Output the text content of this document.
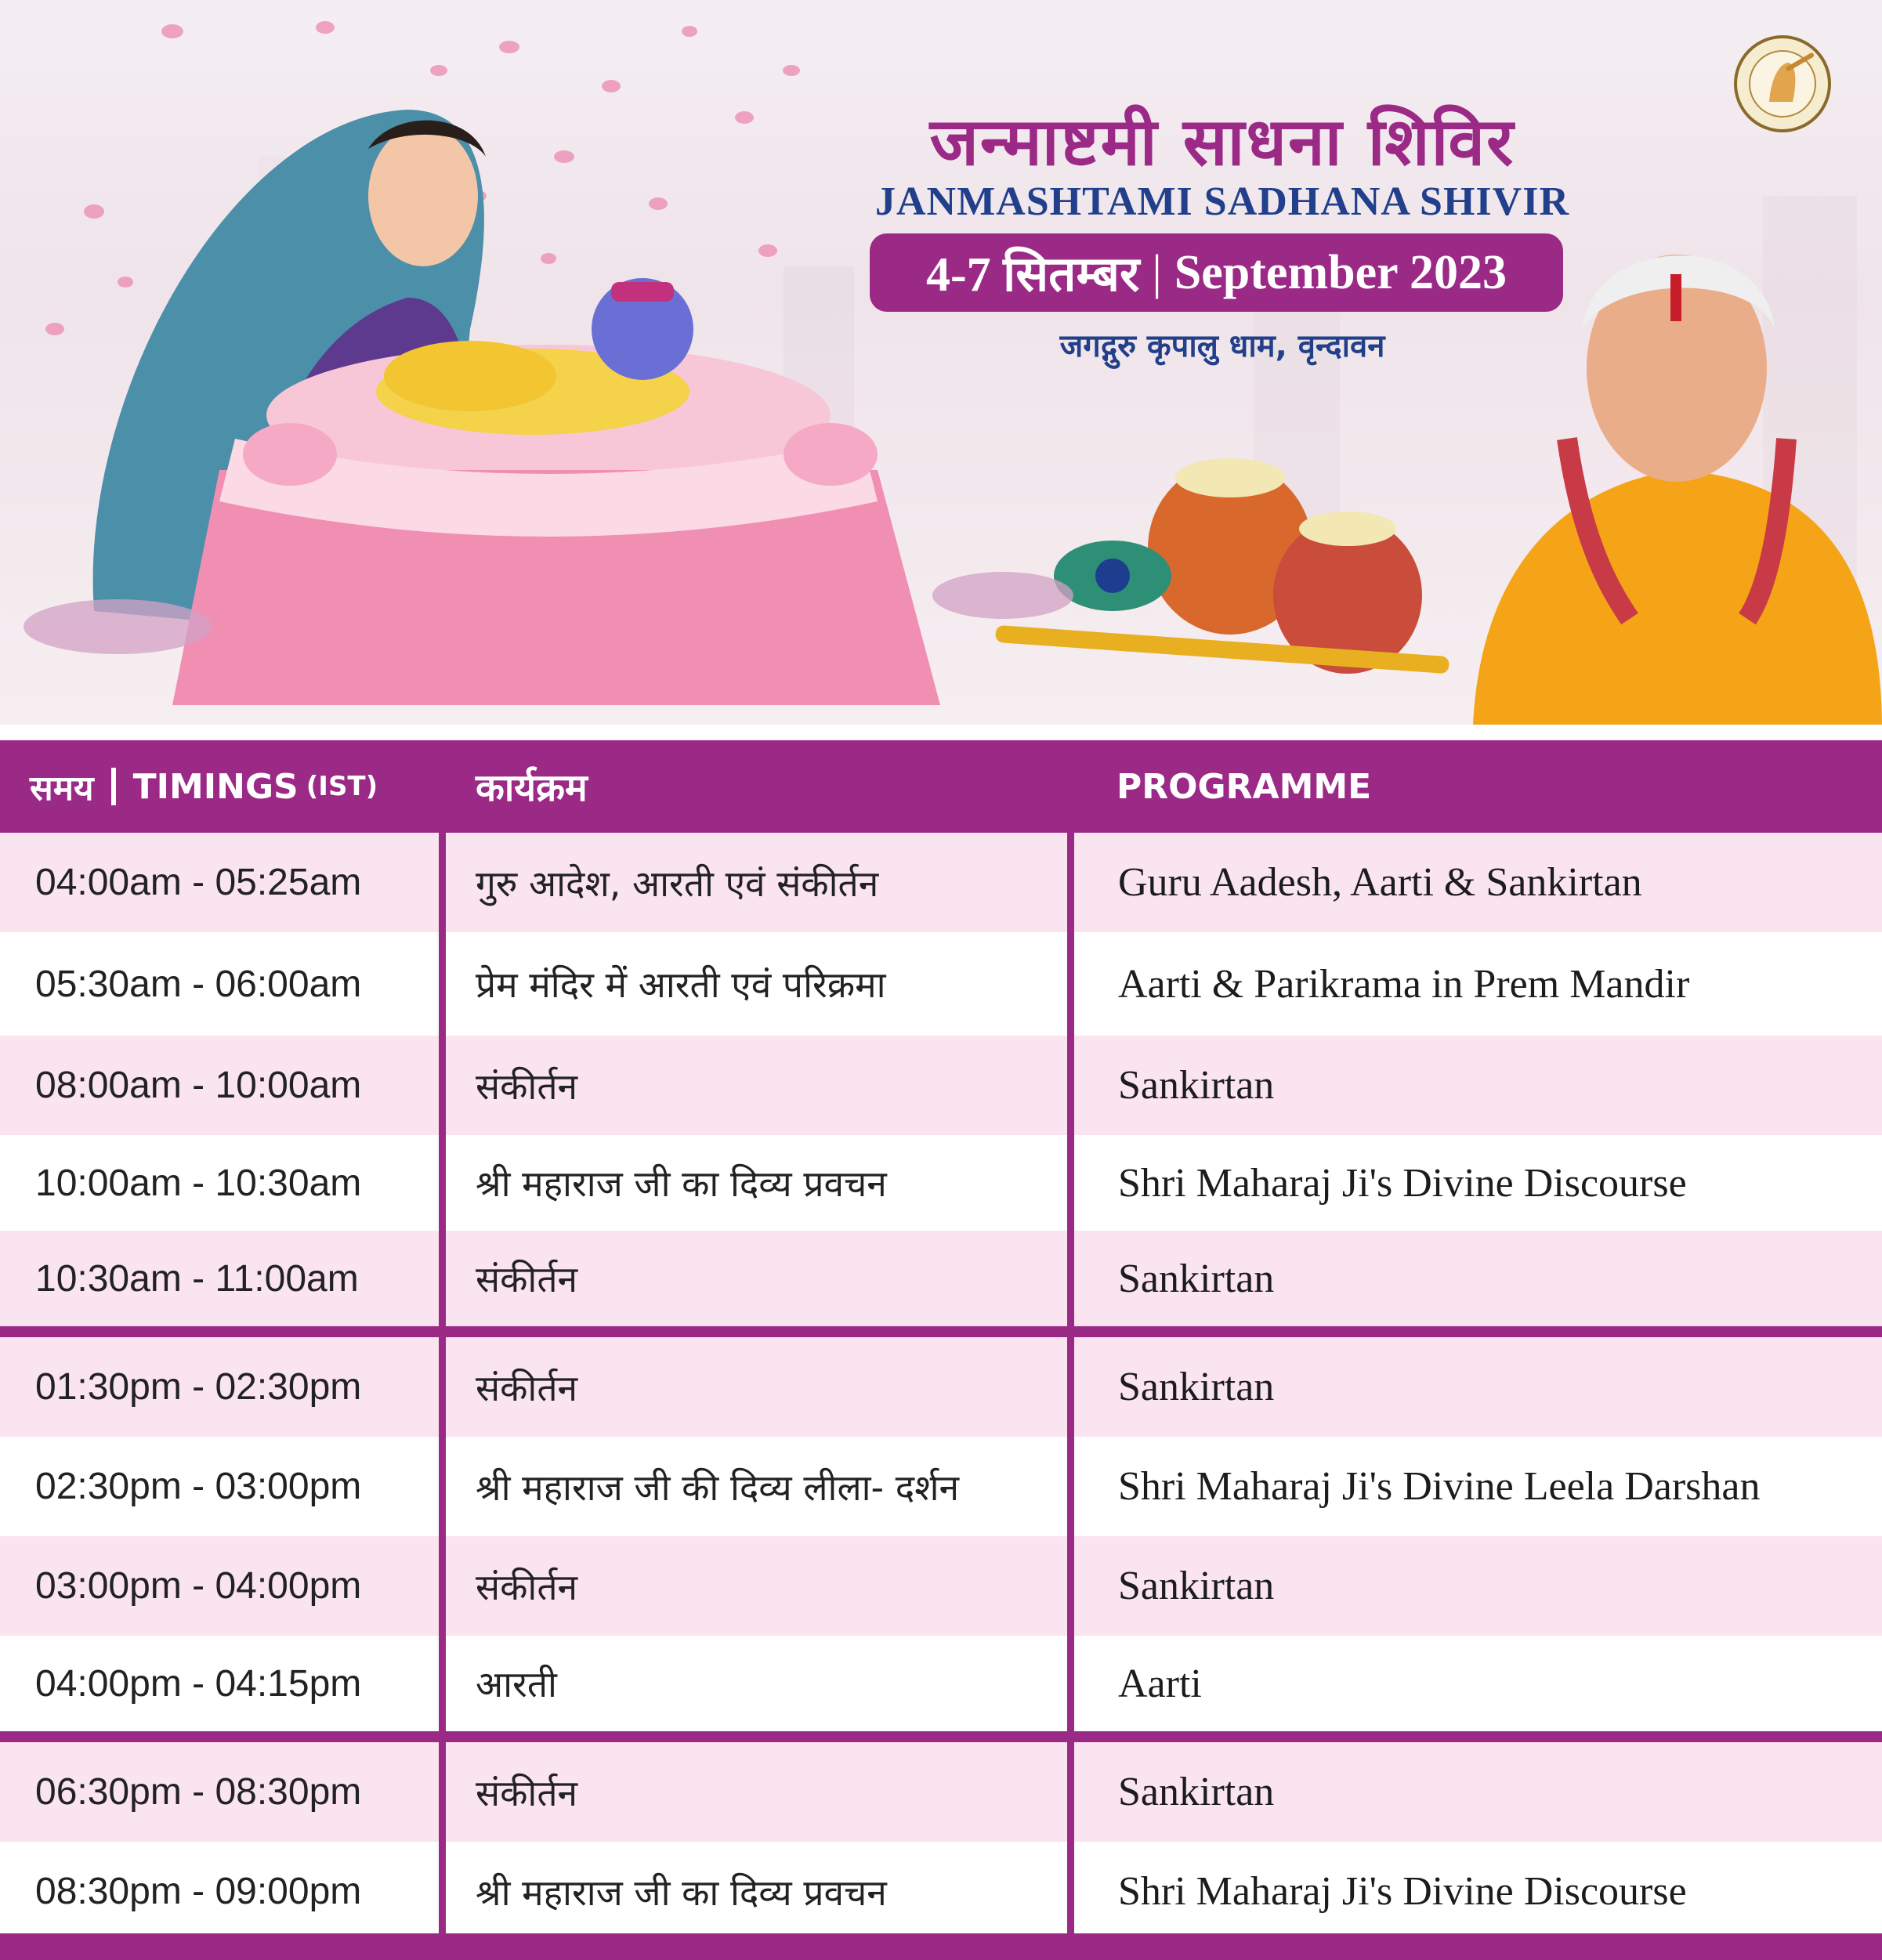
जन्माष्टमी साधना शिविर
JANMASHTAMI SADHANA SHIVIR
4-7 सितम्बर | September 2023
जगद्गुरु कृपालु धाम, वृन्दावन
समय TIMINGS (IST)	कार्यक्रम	PROGRAMME
04:00am - 05:25am	गुरु आदेश, आरती एवं संकीर्तन	Guru Aadesh, Aarti & Sankirtan
05:30am - 06:00am	प्रेम मंदिर में आरती एवं परिक्रमा	Aarti & Parikrama in Prem Mandir
08:00am - 10:00am	संकीर्तन	Sankirtan
10:00am - 10:30am	श्री महाराज जी का दिव्य प्रवचन	Shri Maharaj Ji's Divine Discourse
10:30am - 11:00am	संकीर्तन	Sankirtan
01:30pm - 02:30pm	संकीर्तन	Sankirtan
02:30pm - 03:00pm	श्री महाराज जी की दिव्य लीला- दर्शन	Shri Maharaj Ji's Divine Leela Darshan
03:00pm - 04:00pm	संकीर्तन	Sankirtan
04:00pm - 04:15pm	आरती	Aarti
06:30pm - 08:30pm	संकीर्तन	Sankirtan
08:30pm - 09:00pm	श्री महाराज जी का दिव्य प्रवचन	Shri Maharaj Ji's Divine Discourse
